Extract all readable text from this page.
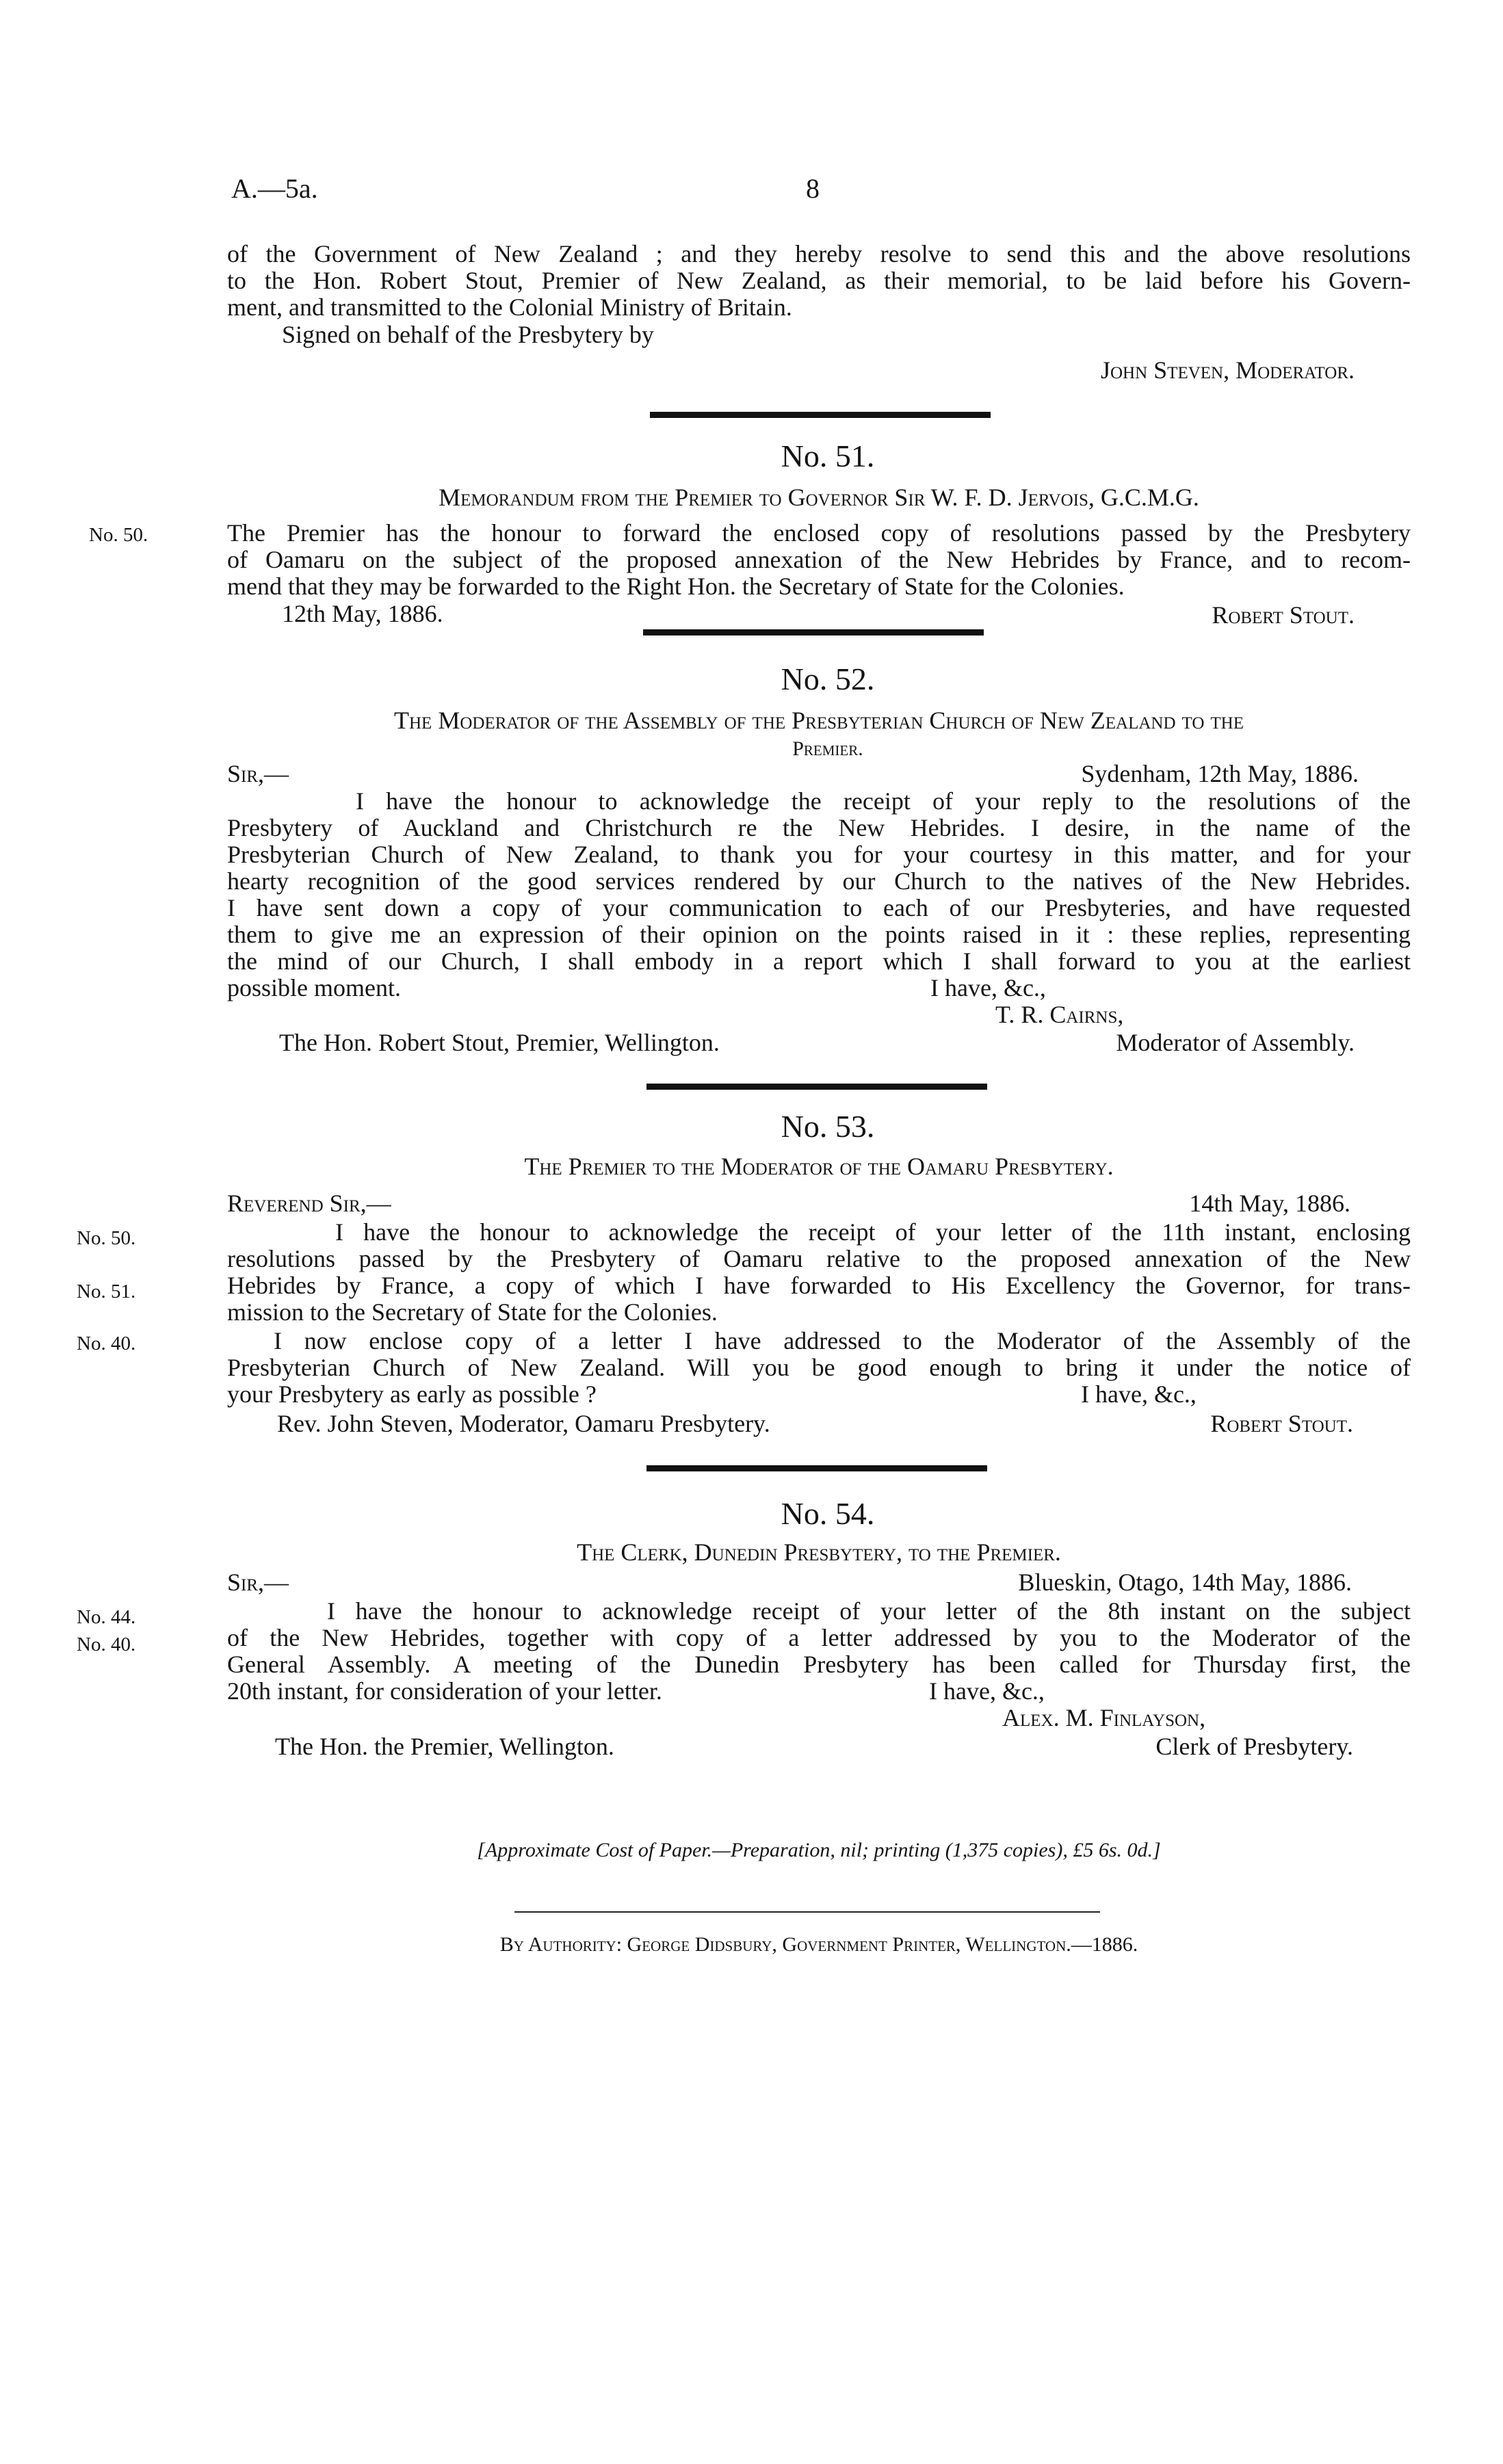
A.—5a.	8
of the Government of New Zealand ; and they hereby resolve to send this and the above resolutions
to the Hon. Robert Stout, Premier of New Zealand, as their memorial, to be laid before his Govern-
ment, and transmitted to the Colonial Ministry of Britain.
Signed on behalf of the Presbytery by
John Steven, Moderator.
No. 51.
Memorandum from the Premier to Governor Sir W. F. D. Jervois, G.C.M.G.
No. 50.	The Premier has the honour to forward the enclosed copy of resolutions passed by the Presbytery
of Oamaru on the subject of the proposed annexation of the New Hebrides by France, and to recom-
mend that they may be forwarded to the Right Hon. the Secretary of State for the Colonies.
12th May, 1886.	Robert Stout.
No. 52.
The Moderator of the Assembly of the Presbyterian Church of New Zealand to the
Premier.
Sir,—	Sydenham, 12th May, 1886.
I have the honour to acknowledge the receipt of your reply to the resolutions of the
Presbytery of Auckland and Christchurch re the New Hebrides. I desire, in the name of the
Presbyterian Church of New Zealand, to thank you for your courtesy in this matter, and for your
hearty recognition of the good services rendered by our Church to the natives of the New Hebrides.
I have sent down a copy of your communication to each of our Presbyteries, and have requested
them to give me an expression of their opinion on the points raised in it : these replies, representing
the mind of our Church, I shall embody in a report which I shall forward to you at the earliest
possible moment.	I have, &c.,
T. R. Cairns,
The Hon. Robert Stout, Premier, Wellington.	Moderator of Assembly.
No. 53.
The Premier to the Moderator of the Oamaru Presbytery.
Reverend Sir,—	14th May, 1886.
No. 50.
No. 51.
No. 40.
I have the honour to acknowledge the receipt of your letter of the 11th instant, enclosing
resolutions passed by the Presbytery of Oamaru relative to the proposed annexation of the New
Hebrides by France, a copy of which I have forwarded to His Excellency the Governor, for trans-
mission to the Secretary of State for the Colonies.
I now enclose copy of a letter I have addressed to the Moderator of the Assembly of the
Presbyterian Church of New Zealand. Will you be good enough to bring it under the notice of
your Presbytery as early as possible ?	I have, &c.,
Rev. John Steven, Moderator, Oamaru Presbytery.	Robert Stout.
No. 54.
The Clerk, Dunedin Presbytery, to the Premier.
Sir,—	Blueskin, Otago, 14th May, 1886.
No. 44.
No. 40.
I have the honour to acknowledge receipt of your letter of the 8th instant on the subject
of the New Hebrides, together with copy of a letter addressed by you to the Moderator of the
General Assembly. A meeting of the Dunedin Presbytery has been called for Thursday first, the
20th instant, for consideration of your letter.	I have, &c.,
Alex. M. Finlayson,
The Hon. the Premier, Wellington.	Clerk of Presbytery.
[Approximate Cost of Paper.—Preparation, nil; printing (1,375 copies), £5 6s. 0d.]
By Authority: George Didsbury, Government Printer, Wellington.—1886.
